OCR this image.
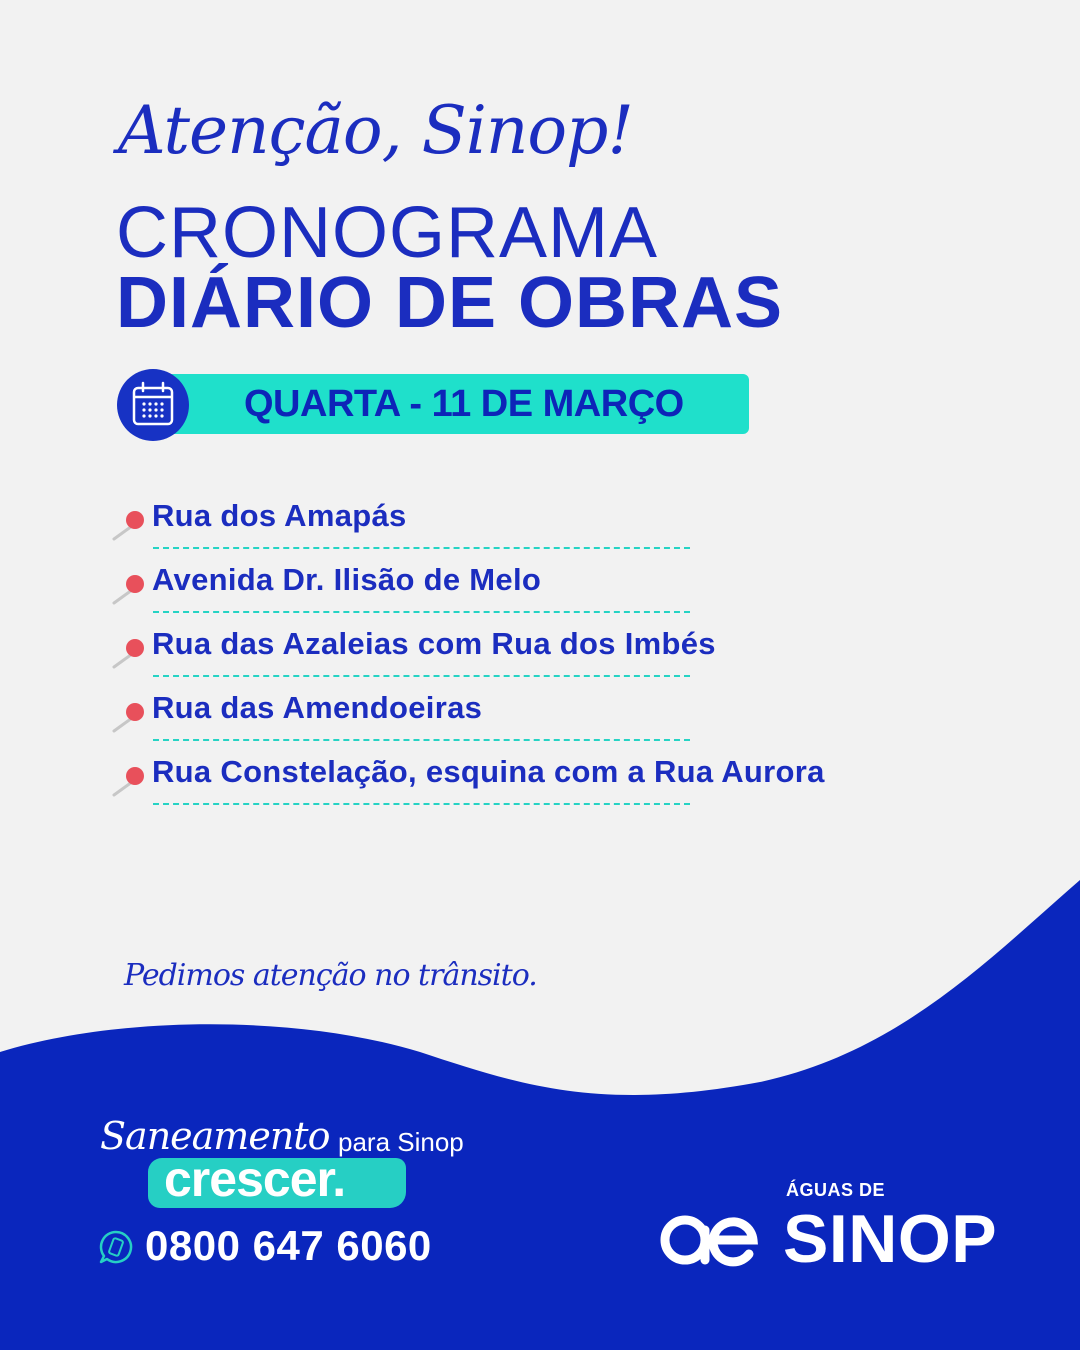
Atenção, Sinop!
CRONOGRAMA
DIÁRIO DE OBRAS
QUARTA - 11 DE MARÇO
Rua dos Amapás
Avenida Dr. Ilisão de Melo
Rua das Azaleias com Rua dos Imbés
Rua das Amendoeiras
Rua Constelação, esquina com a Rua Aurora
Pedimos atenção no trânsito.
Saneamento para Sinop
crescer.
0800 647 6060
ÁGUAS DE
SINOP
